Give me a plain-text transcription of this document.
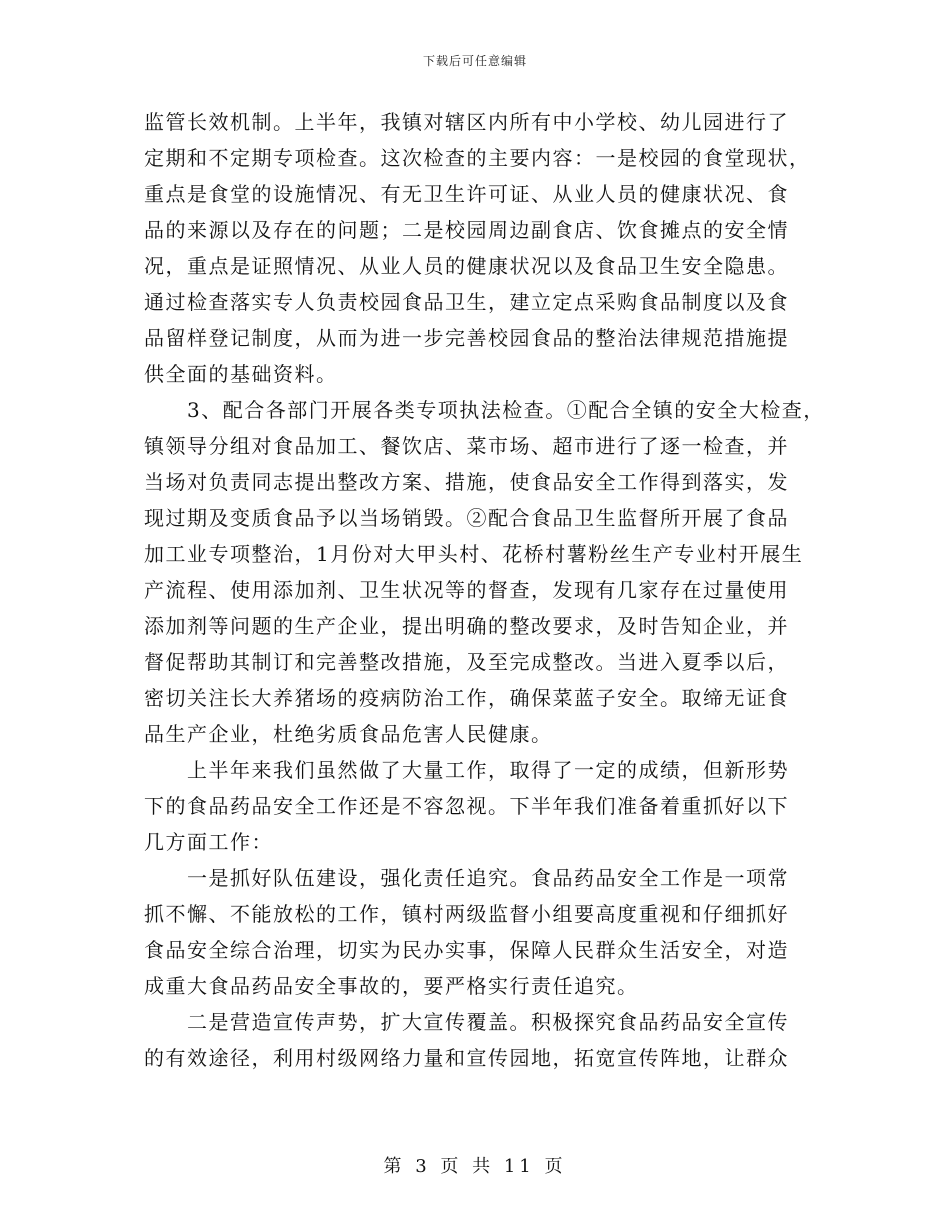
下载后可任意编辑
监管长效机制。上半年，我镇对辖区内所有中小学校、幼儿园进行了
定期和不定期专项检查。这次检查的主要内容：一是校园的食堂现状，
重点是食堂的设施情况、有无卫生许可证、从业人员的健康状况、食
品的来源以及存在的问题；二是校园周边副食店、饮食摊点的安全情
况，重点是证照情况、从业人员的健康状况以及食品卫生安全隐患。
通过检查落实专人负责校园食品卫生，建立定点采购食品制度以及食
品留样登记制度，从而为进一步完善校园食品的整治法律规范措施提
供全面的基础资料。
3、配合各部门开展各类专项执法检查。①配合全镇的安全大检查，
镇领导分组对食品加工、餐饮店、菜市场、超市进行了逐一检查，并
当场对负责同志提出整改方案、措施，使食品安全工作得到落实，发
现过期及变质食品予以当场销毁。②配合食品卫生监督所开展了食品
加工业专项整治，1月份对大甲头村、花桥村薯粉丝生产专业村开展生
产流程、使用添加剂、卫生状况等的督查，发现有几家存在过量使用
添加剂等问题的生产企业，提出明确的整改要求，及时告知企业，并
督促帮助其制订和完善整改措施，及至完成整改。当进入夏季以后，
密切关注长大养猪场的疫病防治工作，确保菜蓝子安全。取缔无证食
品生产企业，杜绝劣质食品危害人民健康。
上半年来我们虽然做了大量工作，取得了一定的成绩，但新形势
下的食品药品安全工作还是不容忽视。下半年我们准备着重抓好以下
几方面工作：
一是抓好队伍建设，强化责任追究。食品药品安全工作是一项常
抓不懈、不能放松的工作，镇村两级监督小组要高度重视和仔细抓好
食品安全综合治理，切实为民办实事，保障人民群众生活安全，对造
成重大食品药品安全事故的，要严格实行责任追究。
二是营造宣传声势，扩大宣传覆盖。积极探究食品药品安全宣传
的有效途径，利用村级网络力量和宣传园地，拓宽宣传阵地，让群众
第 3 页 共 11 页
